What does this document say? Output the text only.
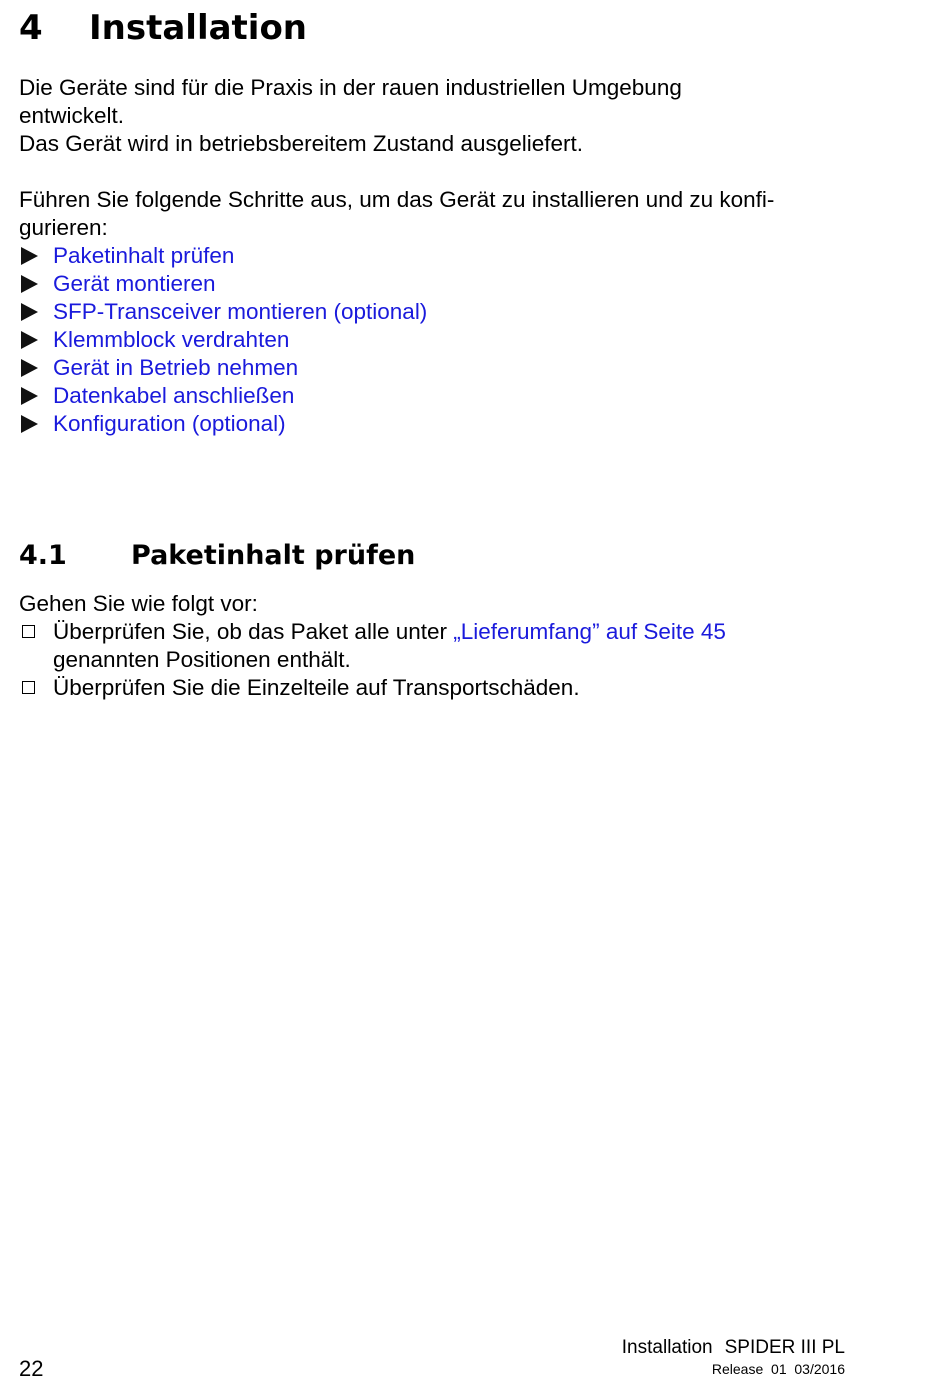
4 Installation
Die Geräte sind für die Praxis in der rauen industriellen Umgebung
entwickelt.
Das Gerät wird in betriebsbereitem Zustand ausgeliefert.
Führen Sie folgende Schritte aus, um das Gerät zu installieren und zu konfi-
gurieren:
Paketinhalt prüfen
Gerät montieren
SFP-Transceiver montieren (optional)
Klemmblock verdrahten
Gerät in Betrieb nehmen
Datenkabel anschließen
Konfiguration (optional)
4.1 Paketinhalt prüfen
Gehen Sie wie folgt vor:
Überprüfen Sie, ob das Paket alle unter „Lieferumfang” auf Seite 45
genannten Positionen enthält.
Überprüfen Sie die Einzelteile auf Transportschäden.
Installation SPIDER III PL
Release 01 03/2016
22
